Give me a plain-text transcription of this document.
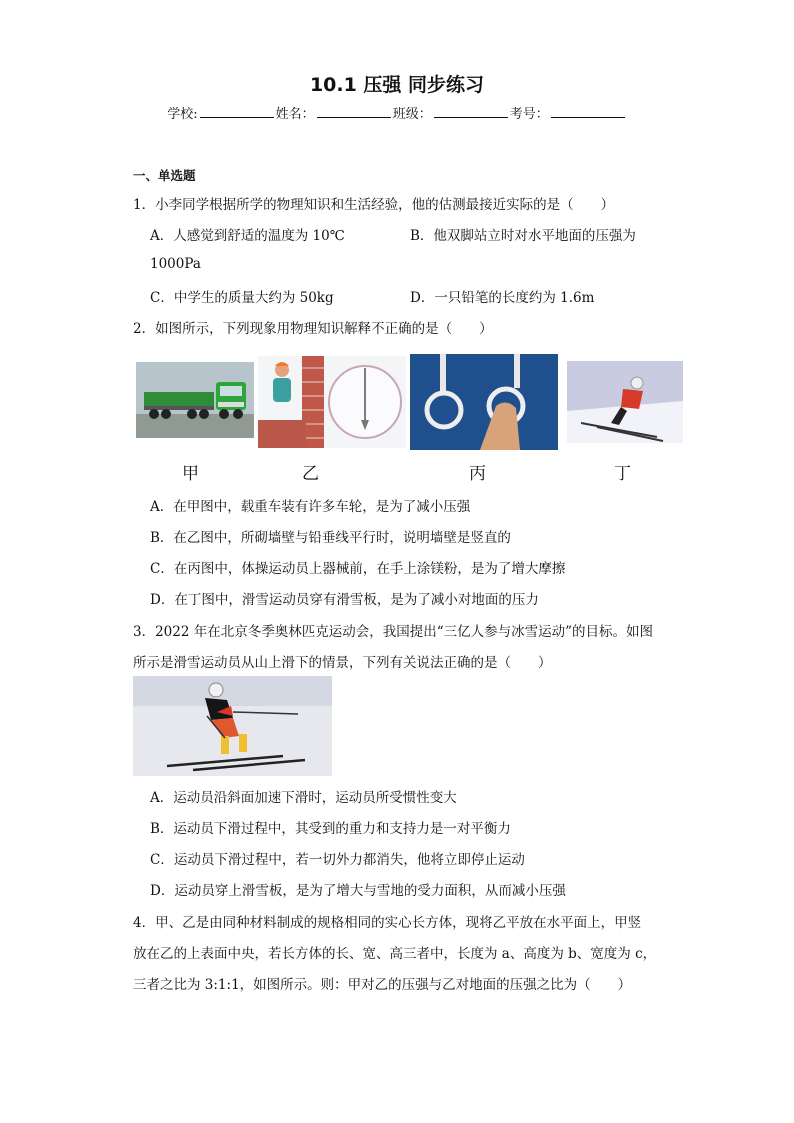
10.1 压强 同步练习
学校:	姓名：	班级：	考号：
一、单选题
1．小李同学根据所学的物理知识和生活经验，他的估测最接近实际的是（　　）
A．人感觉到舒适的温度为 10℃	B．他双脚站立时对水平地面的压强为
1000Pa
C．中学生的质量大约为 50kg	D．一只铅笔的长度约为 1.6m
2．如图所示，下列现象用物理知识解释不正确的是（　　）
甲	乙	丙	丁
A．在甲图中，载重车装有许多车轮，是为了减小压强
B．在乙图中，所砌墙壁与铅垂线平行时，说明墙壁是竖直的
C．在丙图中，体操运动员上器械前，在手上涂镁粉，是为了增大摩擦
D．在丁图中，滑雪运动员穿有滑雪板，是为了减小对地面的压力
3．2022 年在北京冬季奥林匹克运动会，我国提出“三亿人参与冰雪运动”的目标。如图
所示是滑雪运动员从山上滑下的情景，下列有关说法正确的是（　　）
A．运动员沿斜面加速下滑时，运动员所受惯性变大
B．运动员下滑过程中，其受到的重力和支持力是一对平衡力
C．运动员下滑过程中，若一切外力都消失，他将立即停止运动
D．运动员穿上滑雪板，是为了增大与雪地的受力面积，从而减小压强
4．甲、乙是由同种材料制成的规格相同的实心长方体，现将乙平放在水平面上，甲竖
放在乙的上表面中央，若长方体的长、宽、高三者中，长度为 a、高度为 b、宽度为 c，
三者之比为 3:1:1，如图所示。则：甲对乙的压强与乙对地面的压强之比为（　　）
